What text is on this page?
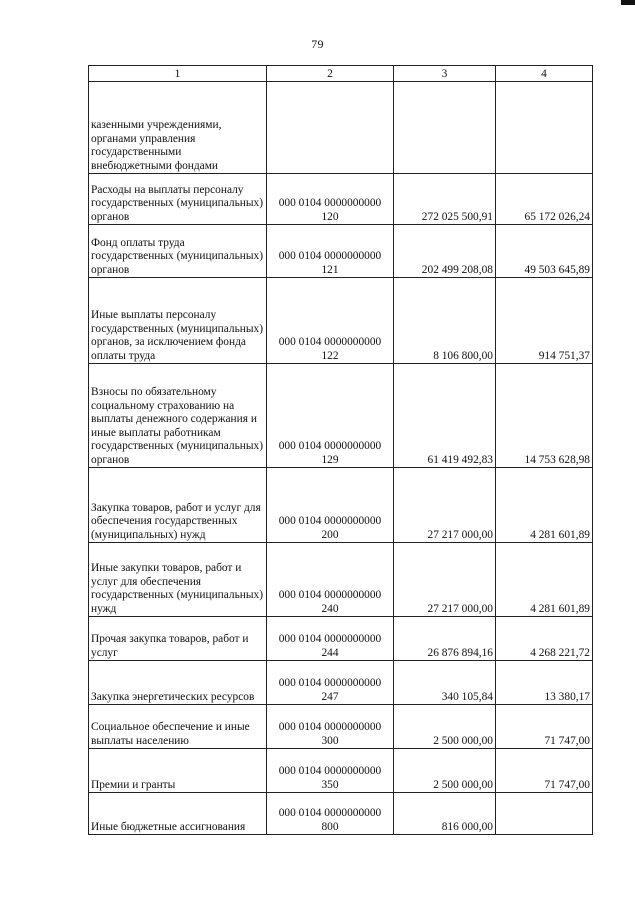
79
1	2	3	4
казенными учреждениями, органами управления государственными внебюджетными фондами			
Расходы на выплаты персоналу государственных (муниципальных) органов	000 0104 0000000000 120	272 025 500,91	65 172 026,24
Фонд оплаты труда государственных (муниципальных) органов	000 0104 0000000000 121	202 499 208,08	49 503 645,89
Иные выплаты персоналу государственных (муниципальных) органов, за исключением фонда оплаты труда	000 0104 0000000000 122	8 106 800,00	914 751,37
Взносы по обязательному социальному страхованию на выплаты денежного содержания и иные выплаты работникам государственных (муниципальных) органов	000 0104 0000000000 129	61 419 492,83	14 753 628,98
Закупка товаров, работ и услуг для обеспечения государственных (муниципальных) нужд	000 0104 0000000000 200	27 217 000,00	4 281 601,89
Иные закупки товаров, работ и услуг для обеспечения государственных (муниципальных) нужд	000 0104 0000000000 240	27 217 000,00	4 281 601,89
Прочая закупка товаров, работ и услуг	000 0104 0000000000 244	26 876 894,16	4 268 221,72
Закупка энергетических ресурсов	000 0104 0000000000 247	340 105,84	13 380,17
Социальное обеспечение и иные выплаты населению	000 0104 0000000000 300	2 500 000,00	71 747,00
Премии и гранты	000 0104 0000000000 350	2 500 000,00	71 747,00
Иные бюджетные ассигнования	000 0104 0000000000 800	816 000,00	
